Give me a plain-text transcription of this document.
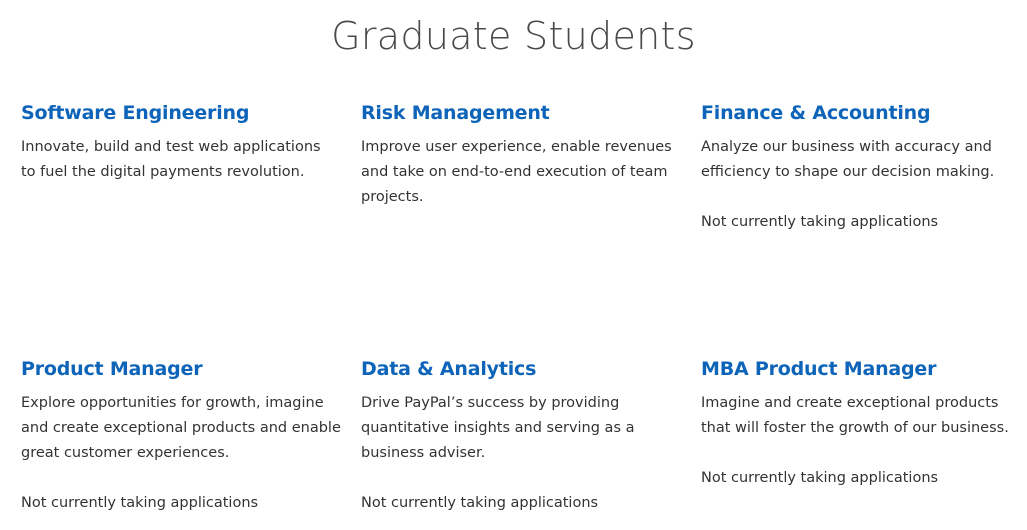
Graduate Students
Software Engineering

Innovate, build and test web applications to fuel the digital payments revolution.

Risk Management

Improve user experience, enable revenues and take on end-to-end execution of team projects.

Finance & Accounting

Analyze our business with accuracy and efficiency to shape our decision making.

Not currently taking applications

Product Manager

Explore opportunities for growth, imagine and create exceptional products and enable great customer experiences.

Not currently taking applications

Data & Analytics

Drive PayPal’s success by providing quantitative insights and serving as a business adviser.

Not currently taking applications

MBA Product Manager

Imagine and create exceptional products that will foster the growth of our business.

Not currently taking applications
